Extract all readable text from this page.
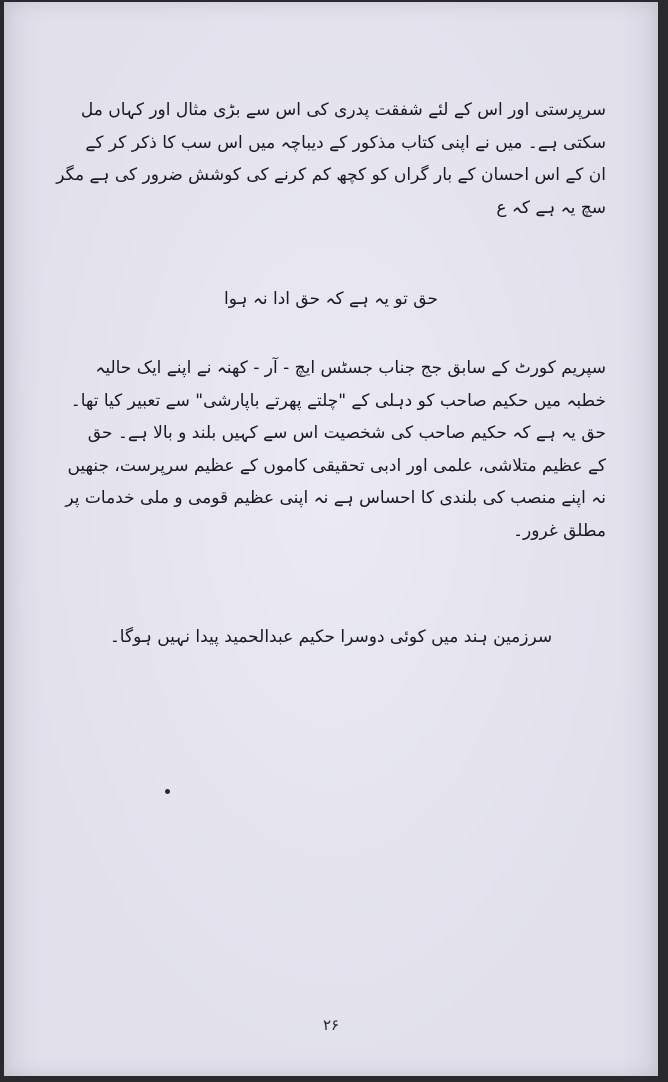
سرپرستی اور اس کے لئے شفقت پدری کی اس سے بڑی مثال اور کہاں مل
سکتی ہے۔ میں نے اپنی کتاب مذکور کے دیباچہ میں اس سب کا ذکر کر کے
ان کے اس احسان کے بار گراں کو کچھ کم کرنے کی کوشش ضرور کی ہے مگر
سچ یہ ہے کہ ع
حق تو یہ ہے کہ حق ادا نہ ہوا
سپریم کورٹ کے سابق جج جناب جسٹس ایچ - آر - کھنہ نے اپنے ایک حالیہ
خطبہ میں حکیم صاحب کو دہلی کے "چلتے پھرتے باپارشی" سے تعبیر کیا تھا۔
حق یہ ہے کہ حکیم صاحب کی شخصیت اس سے کہیں بلند و بالا ہے۔ حق
کے عظیم متلاشی، علمی اور ادبی تحقیقی کاموں کے عظیم سرپرست، جنھیں
نہ اپنے منصب کی بلندی کا احساس ہے نہ اپنی عظیم قومی و ملی خدمات پر
مطلق غرور۔
سرزمین ہند میں کوئی دوسرا حکیم عبدالحمید پیدا نہیں ہوگا۔
۲۶
